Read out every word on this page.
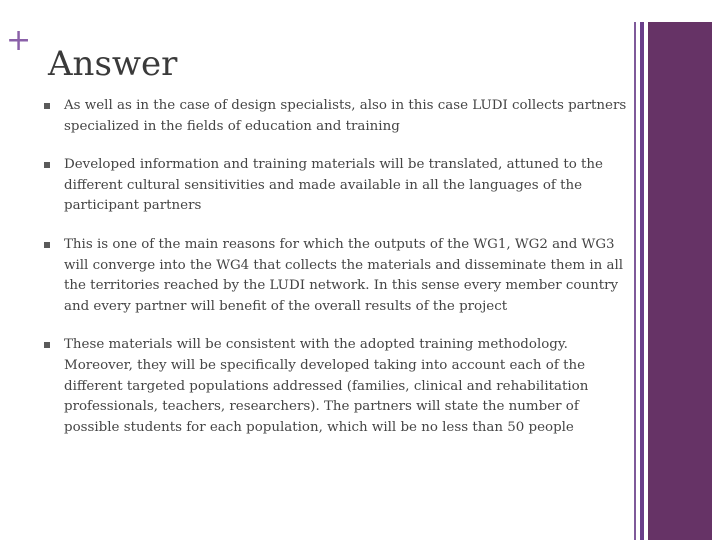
+
Answer
As well as in the case of design specialists, also in this case LUDI collects partners specialized in the fields of education and training
Developed information and training materials will be translated, attuned to the different cultural sensitivities and made available in all the languages of the participant partners
This is one of the main reasons for which the outputs of the WG1, WG2 and WG3 will converge into the WG4 that collects the materials and disseminate them in all the territories reached by the LUDI network. In this sense every member country and every partner will benefit of the overall results of the project
These materials will be consistent with the adopted training methodology. Moreover, they will be specifically developed taking into account each of the different targeted populations addressed (families, clinical and rehabilitation professionals, teachers, researchers). The partners will state the number of possible students for each population, which will be no less than 50 people
